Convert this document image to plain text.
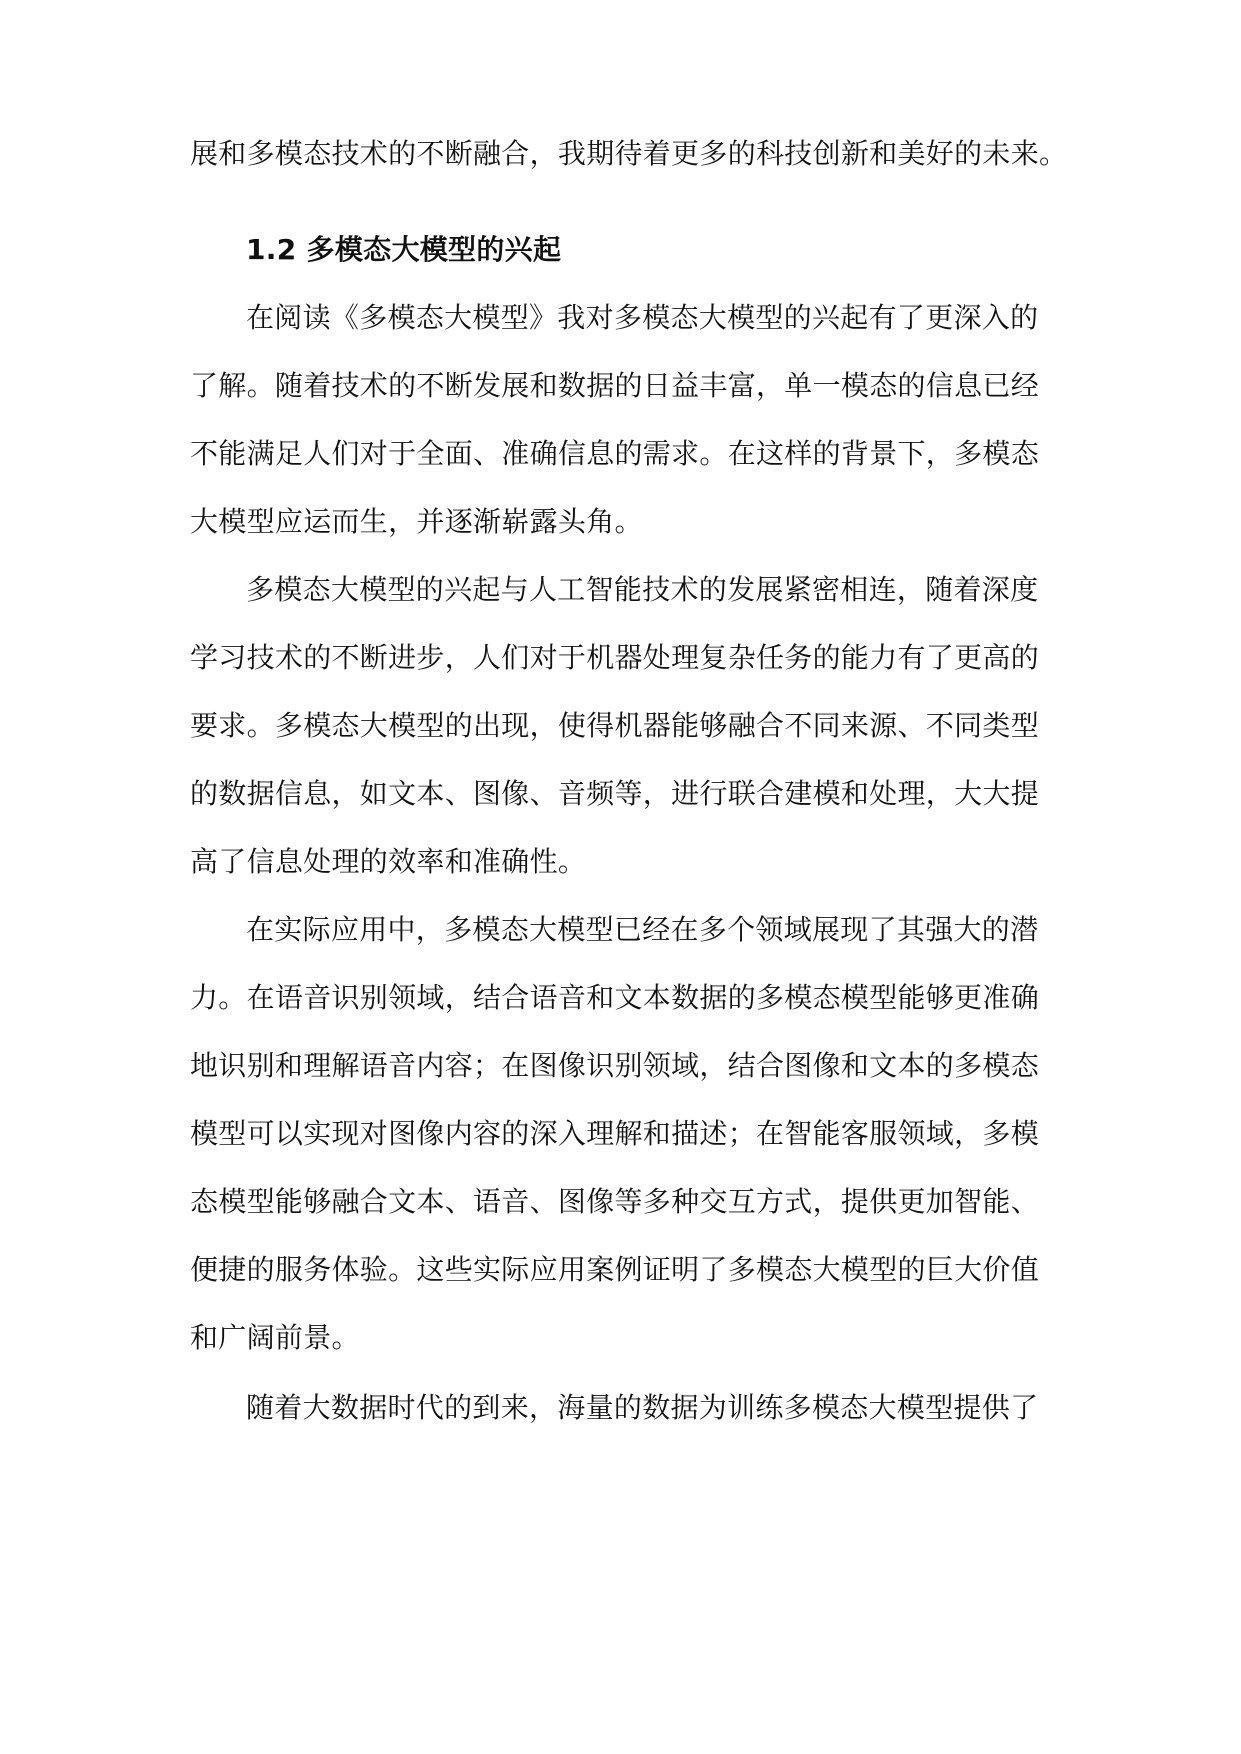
展和多模态技术的不断融合，我期待着更多的科技创新和美好的未来。
1.2 多模态大模型的兴起
在阅读《多模态大模型》我对多模态大模型的兴起有了更深入的
了解。随着技术的不断发展和数据的日益丰富，单一模态的信息已经
不能满足人们对于全面、准确信息的需求。在这样的背景下，多模态
大模型应运而生，并逐渐崭露头角。
多模态大模型的兴起与人工智能技术的发展紧密相连，随着深度
学习技术的不断进步，人们对于机器处理复杂任务的能力有了更高的
要求。多模态大模型的出现，使得机器能够融合不同来源、不同类型
的数据信息，如文本、图像、音频等，进行联合建模和处理，大大提
高了信息处理的效率和准确性。
在实际应用中，多模态大模型已经在多个领域展现了其强大的潜
力。在语音识别领域，结合语音和文本数据的多模态模型能够更准确
地识别和理解语音内容；在图像识别领域，结合图像和文本的多模态
模型可以实现对图像内容的深入理解和描述；在智能客服领域，多模
态模型能够融合文本、语音、图像等多种交互方式，提供更加智能、
便捷的服务体验。这些实际应用案例证明了多模态大模型的巨大价值
和广阔前景。
随着大数据时代的到来，海量的数据为训练多模态大模型提供了
